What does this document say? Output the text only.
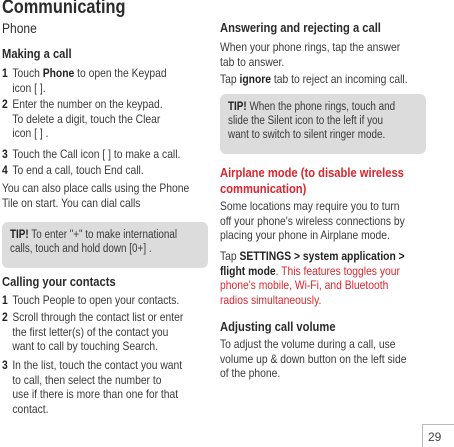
Communicating
Phone
Making a call
1 Touch Phone to open the Keypad
icon [ ].
2 Enter the number on the keypad.
To delete a digit, touch the Clear
icon [ ] .
3 Touch the Call icon [ ] to make a call.
4 To end a call, touch End call.
You can also place calls using the Phone
Tile on start. You can dial calls
TIP! To enter "+" to make international
calls, touch and hold down [0+] .
Calling your contacts
1 Touch People to open your contacts.
2 Scroll through the contact list or enter
the first letter(s) of the contact you
want to call by touching Search.
3 In the list, touch the contact you want
to call, then select the number to
use if there is more than one for that
contact.
Answering and rejecting a call
When your phone rings, tap the answer
tab to answer.
Tap ignore tab to reject an incoming call.
TIP! When the phone rings, touch and
slide the Silent icon to the left if you
want to switch to silent ringer mode.
Airplane mode (to disable wireless
communication)
Some locations may require you to turn
off your phone's wireless connections by
placing your phone in Airplane mode.
Tap SETTINGS > system application >
flight mode. This features toggles your
phone's mobile, Wi-Fi, and Bluetooth
radios simultaneously.
Adjusting call volume
To adjust the volume during a call, use
volume up & down button on the left side
of the phone.
29
